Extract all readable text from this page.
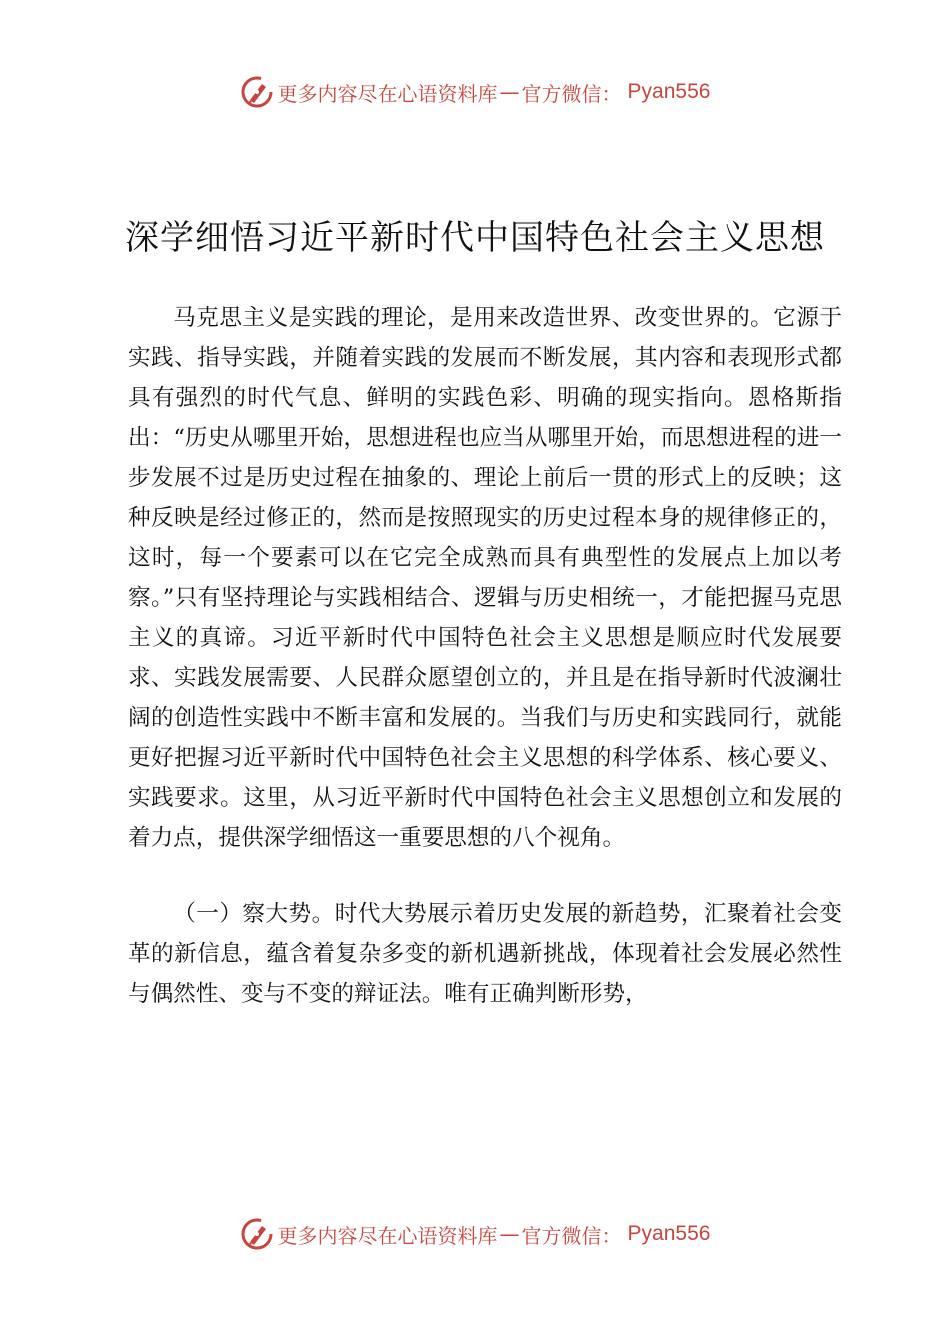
更多内容尽在心语资料库 — 官方微信： Pyan556
深学细悟习近平新时代中国特色社会主义思想

马克思主义是实践的理论，是用来改造世界、改变世界的。它源于实践、指导实践，并随着实践的发展而不断发展，其内容和表现形式都具有强烈的时代气息、鲜明的实践色彩、明确的现实指向。恩格斯指出：“历史从哪里开始，思想进程也应当从哪里开始，而思想进程的进一步发展不过是历史过程在抽象的、理论上前后一贯的形式上的反映；这种反映是经过修正的，然而是按照现实的历史过程本身的规律修正的，这时，每一个要素可以在它完全成熟而具有典型性的发展点上加以考察。”只有坚持理论与实践相结合、逻辑与历史相统一，才能把握马克思主义的真谛。习近平新时代中国特色社会主义思想是顺应时代发展要求、实践发展需要、人民群众愿望创立的，并且是在指导新时代波澜壮阔的创造性实践中不断丰富和发展的。当我们与历史和实践同行，就能更好把握习近平新时代中国特色社会主义思想的科学体系、核心要义、实践要求。这里，从习近平新时代中国特色社会主义思想创立和发展的着力点，提供深学细悟这一重要思想的八个视角。

（一）察大势。时代大势展示着历史发展的新趋势，汇聚着社会变革的新信息，蕴含着复杂多变的新机遇新挑战，体现着社会发展必然性与偶然性、变与不变的辩证法。唯有正确判断形势，

更多内容尽在心语资料库 — 官方微信： Pyan556
